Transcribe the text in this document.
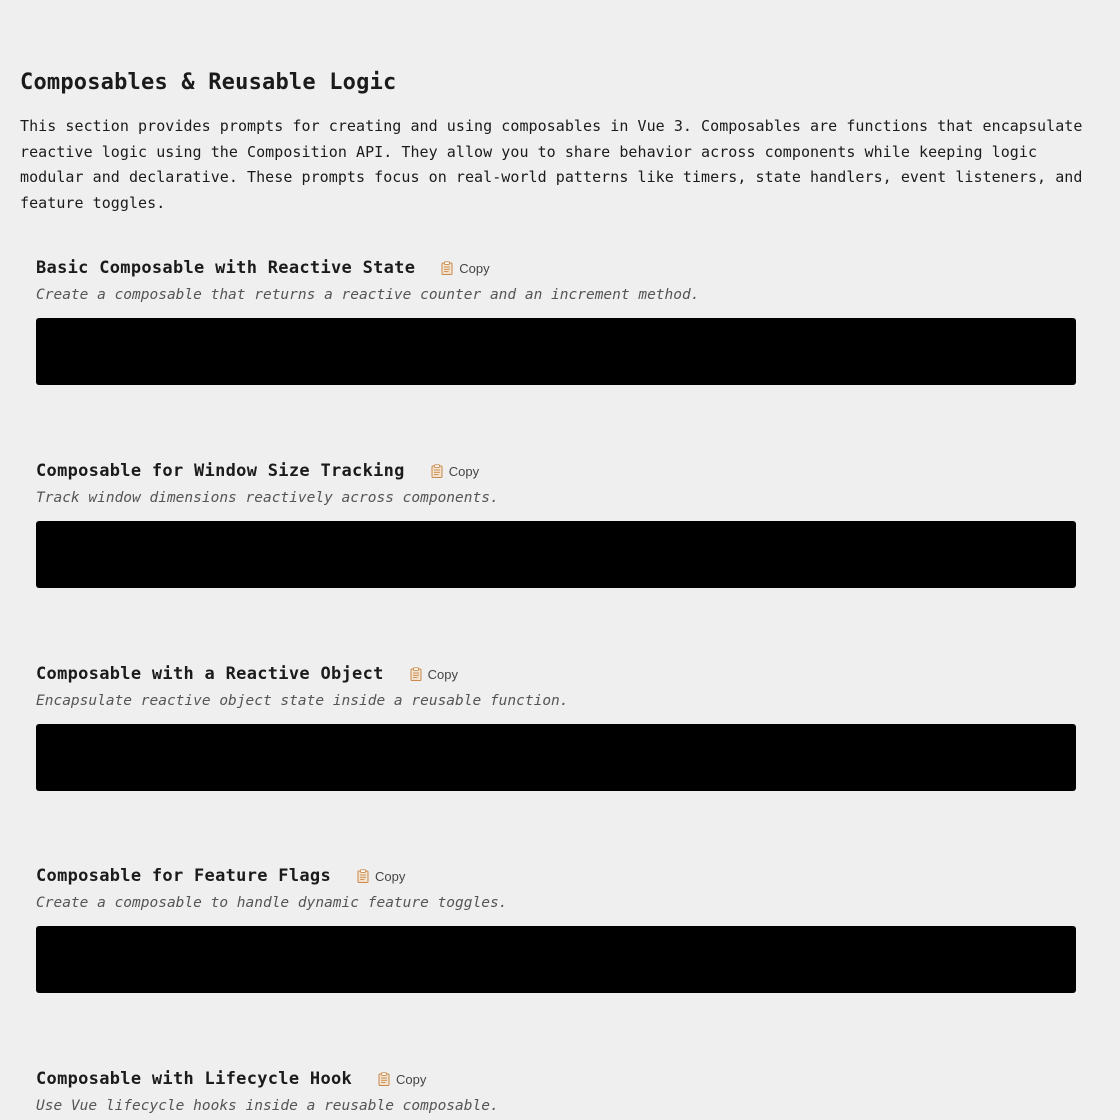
Composables & Reusable Logic

This section provides prompts for creating and using composables in Vue 3. Composables are functions that encapsulate reactive logic using the Composition API. They allow you to share behavior across components while keeping logic modular and declarative. These prompts focus on real-world patterns like timers, state handlers, event listeners, and feature toggles.

Basic Composable with Reactive State	Copy

Create a composable that returns a reactive counter and an increment method.

Composable for Window Size Tracking	Copy

Track window dimensions reactively across components.

Composable with a Reactive Object	Copy

Encapsulate reactive object state inside a reusable function.

Composable for Feature Flags	Copy

Create a composable to handle dynamic feature toggles.

Composable with Lifecycle Hook	Copy

Use Vue lifecycle hooks inside a reusable composable.
